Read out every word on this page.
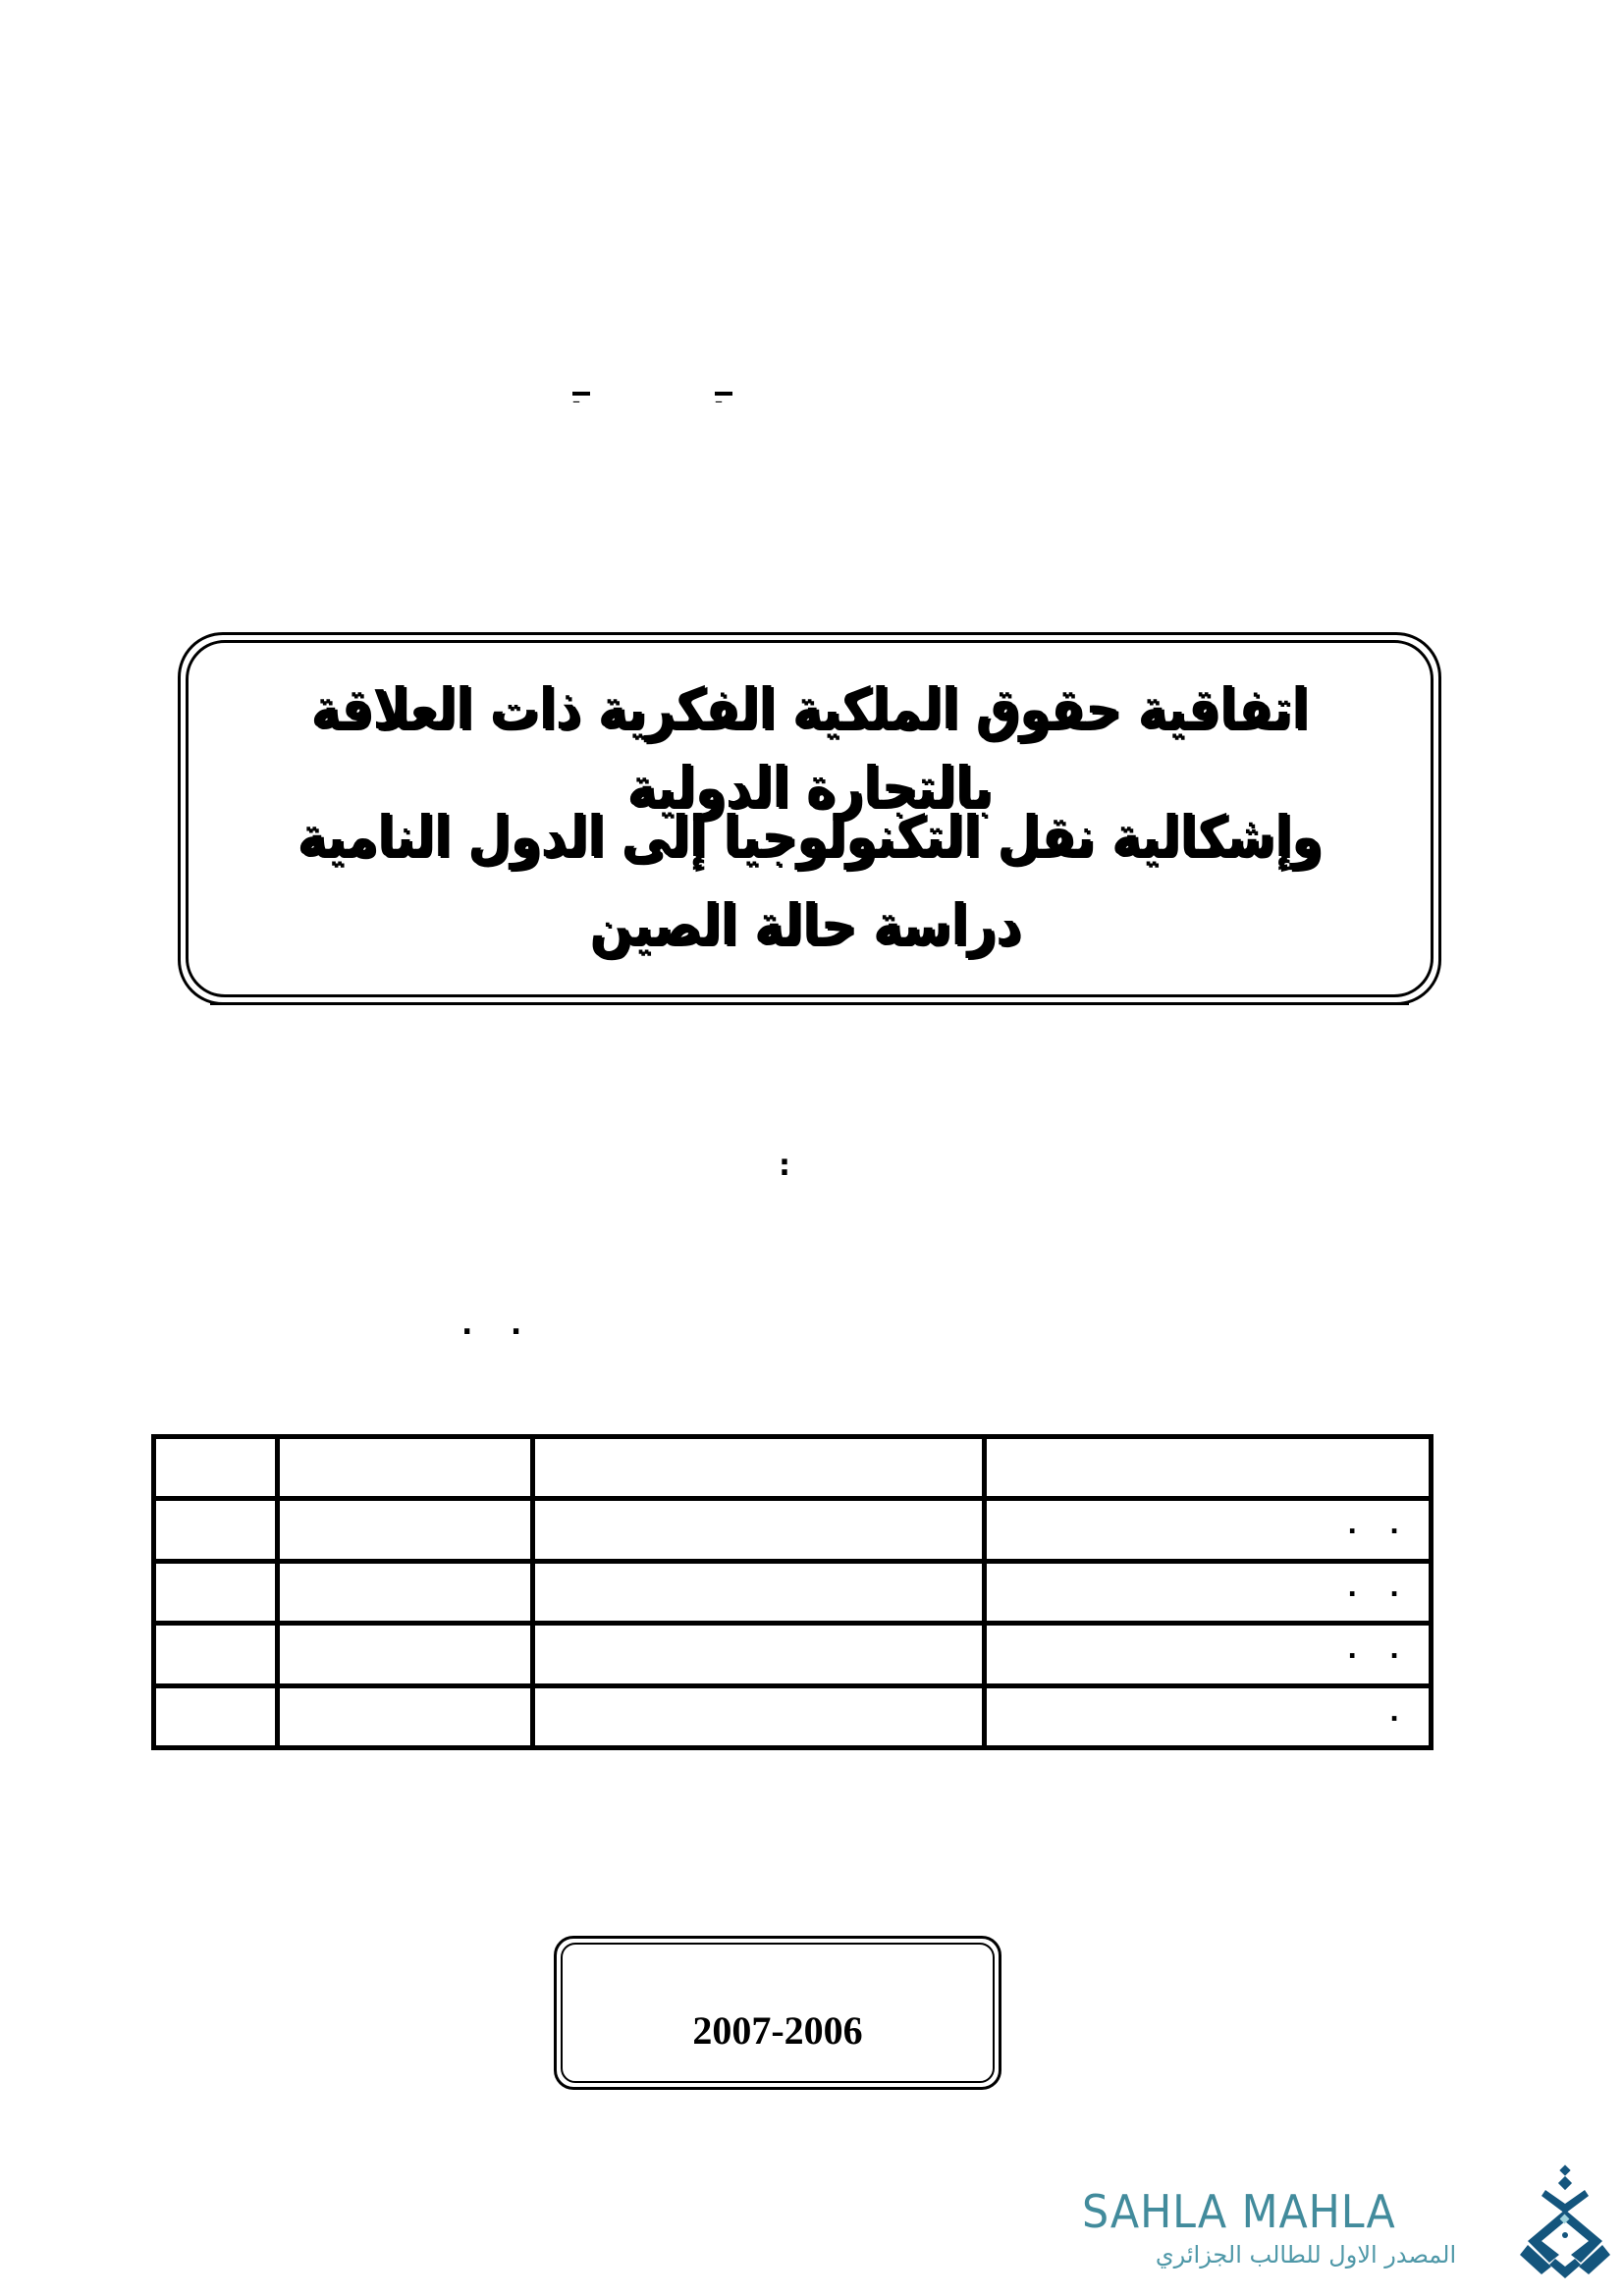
–	–
اتفاقية حقوق الملكية الفكرية ذات العلاقة بالتجارة الدولية
وإشكالية نقل التكنولوجيا إلى الدول النامية
دراسة حالة الصين
:
. .

			. .

			. .

			. .

			.
2007-2006
SAHLA MAHLA
المصدر الاول للطالب الجزائري
